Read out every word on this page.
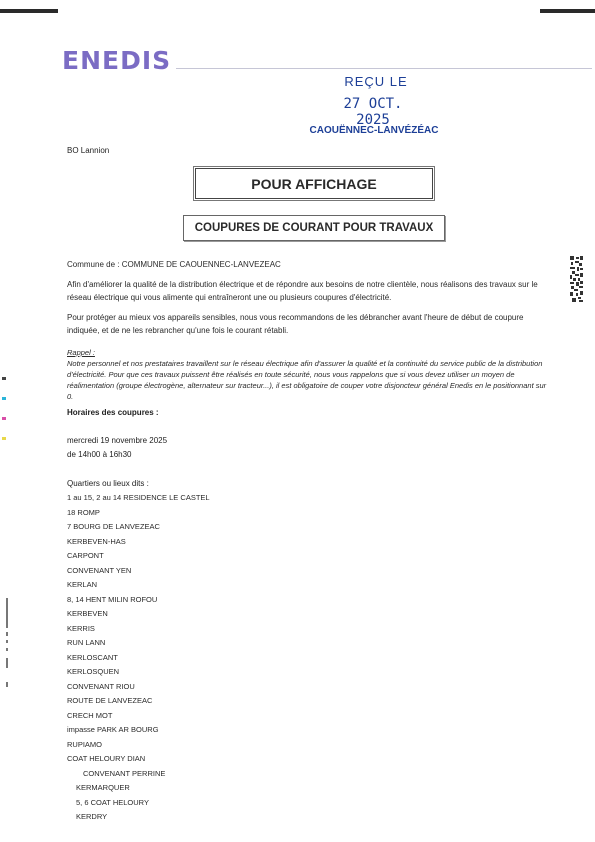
ENEDIS
REÇU LE
27 OCT. 2025
CAOUËNNEC-LANVÉZÉAC
BO Lannion
POUR AFFICHAGE
COUPURES DE COURANT POUR TRAVAUX
Commune de : COMMUNE DE CAOUENNEC-LANVEZEAC
Afin d'améliorer la qualité de la distribution électrique et de répondre aux besoins de notre clientèle, nous réalisons des travaux sur le réseau électrique qui vous alimente qui entraîneront une ou plusieurs coupures d'électricité.
Pour protéger au mieux vos appareils sensibles, nous vous recommandons de les débrancher avant l'heure de début de coupure indiquée, et de ne les rebrancher qu'une fois le courant rétabli.
Rappel :
Notre personnel et nos prestataires travaillent sur le réseau électrique afin d'assurer la qualité et la continuité du service public de la distribution d'électricité. Pour que ces travaux puissent être réalisés en toute sécurité, nous vous rappelons que si vous devez utiliser un moyen de réalimentation (groupe électrogène, alternateur sur tracteur...), il est obligatoire de couper votre disjoncteur général Enedis en le positionnant sur 0.
Horaires des coupures :
mercredi 19 novembre 2025
de 14h00 à 16h30
Quartiers ou lieux dits :
1 au 15, 2 au 14 RESIDENCE LE CASTEL
18 ROMP
7 BOURG DE LANVEZEAC
KERBEVEN-HAS
CARPONT
CONVENANT YEN
KERLAN
8, 14 HENT MILIN ROFOU
KERBEVEN
KERRIS
RUN LANN
KERLOSCANT
KERLOSQUEN
CONVENANT RIOU
ROUTE DE LANVEZEAC
CRECH MOT
impasse PARK AR BOURG
RUPIAMO
COAT HELOURY DIAN
CONVENANT PERRINE
KERMARQUER
5, 6 COAT HELOURY
KERDRY
